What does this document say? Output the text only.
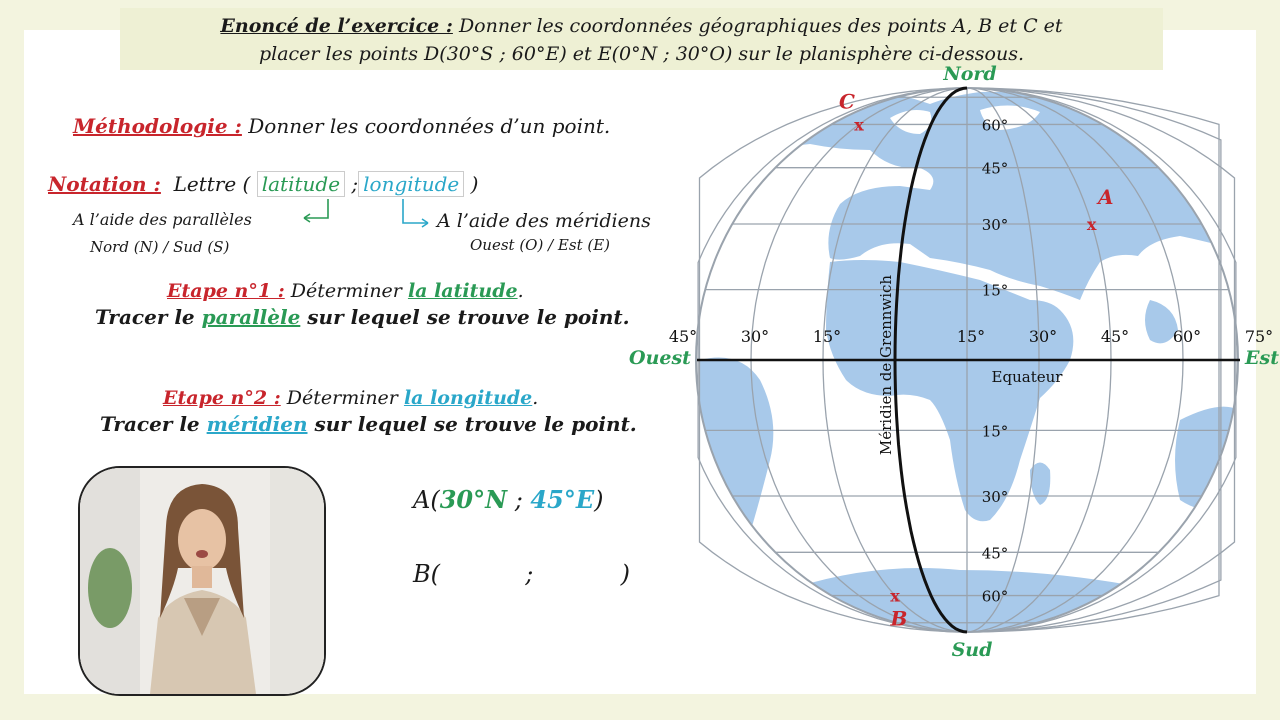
Enoncé de l’exercice : Donner les coordonnées géographiques des points A, B et C et
placer les points D(30°S ; 60°E) et E(0°N ; 30°O) sur le planisphère ci-dessous.
Méthodologie : Donner les coordonnées d’un point.
Notation : Lettre ( latitude ; longitude )
A l’aide des parallèles
Nord (N) / Sud (S)
A l’aide des méridiens
Ouest (O) / Est (E)
Etape n°1 : Déterminer la latitude.
Tracer le parallèle sur lequel se trouve le point.
Etape n°2 : Déterminer la longitude.
Tracer le méridien sur lequel se trouve le point.
A(30°N ; 45°E)
B(	;	)
Nord
Sud
Ouest	Est
Equateur
Méridien de Grennwich
60°
45°
30°
15°
15°
30°
45°
60°
45°	30°	15°	15°	30°	45°	60°	75°
x
A
x
B
x
C
